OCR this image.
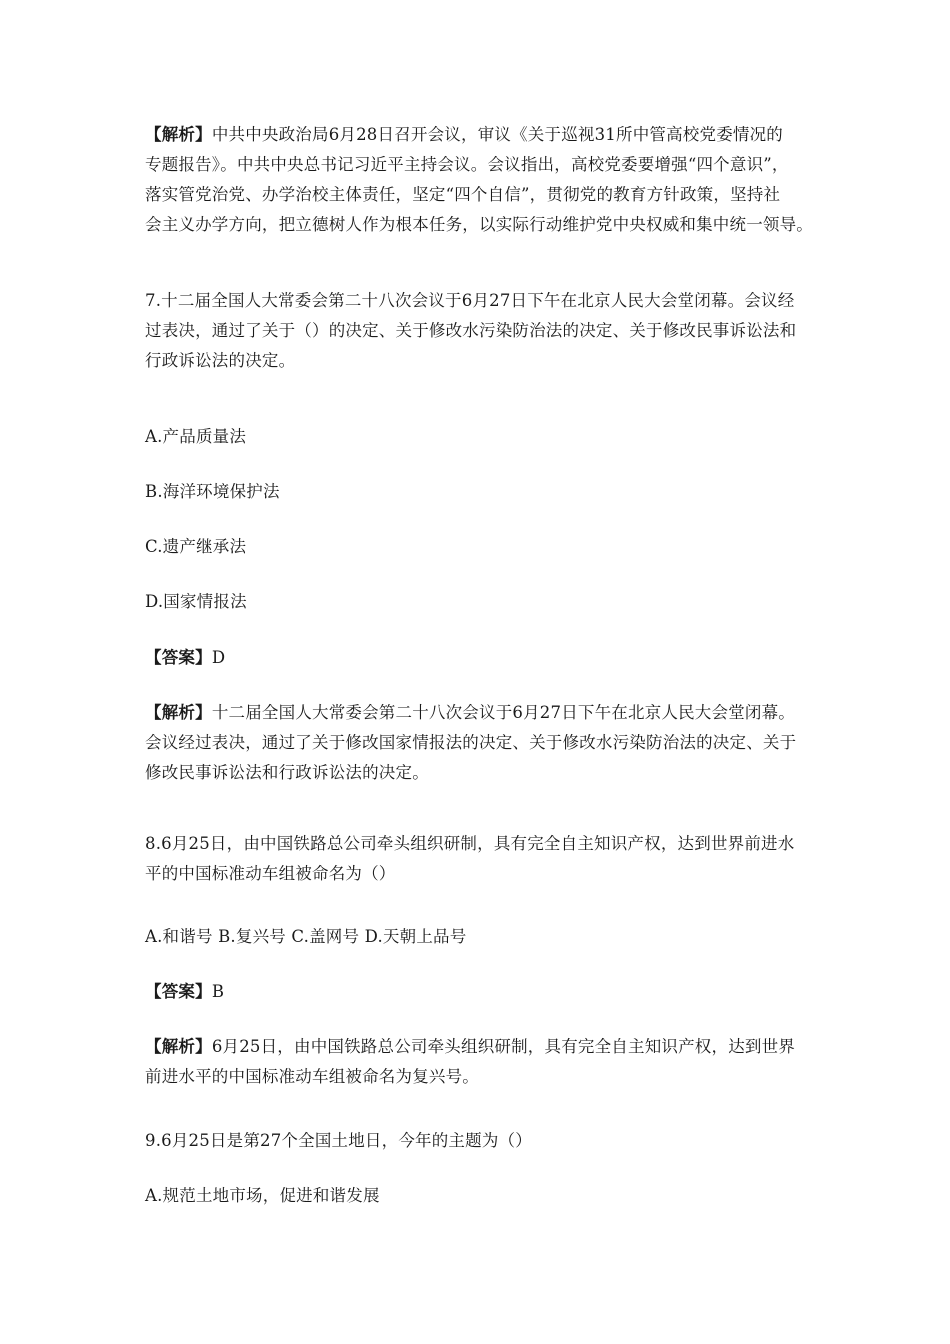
【解析】中共中央政治局6月28日召开会议，审议《关于巡视31所中管高校党委情况的
专题报告》。中共中央总书记习近平主持会议。会议指出，高校党委要增强“四个意识”，
落实管党治党、办学治校主体责任，坚定“四个自信”，贯彻党的教育方针政策，坚持社
会主义办学方向，把立德树人作为根本任务，以实际行动维护党中央权威和集中统一领导。
7.十二届全国人大常委会第二十八次会议于6月27日下午在北京人民大会堂闭幕。会议经
过表决，通过了关于（）的决定、关于修改水污染防治法的决定、关于修改民事诉讼法和
行政诉讼法的决定。
A.产品质量法
B.海洋环境保护法
C.遗产继承法
D.国家情报法
【答案】D
【解析】十二届全国人大常委会第二十八次会议于6月27日下午在北京人民大会堂闭幕。
会议经过表决，通过了关于修改国家情报法的决定、关于修改水污染防治法的决定、关于
修改民事诉讼法和行政诉讼法的决定。
8.6月25日，由中国铁路总公司牵头组织研制，具有完全自主知识产权，达到世界前进水
平的中国标准动车组被命名为（）
A.和谐号 B.复兴号 C.盖网号 D.天朝上品号
【答案】B
【解析】6月25日，由中国铁路总公司牵头组织研制，具有完全自主知识产权，达到世界
前进水平的中国标准动车组被命名为复兴号。
9.6月25日是第27个全国土地日，今年的主题为（）
A.规范土地市场，促进和谐发展
